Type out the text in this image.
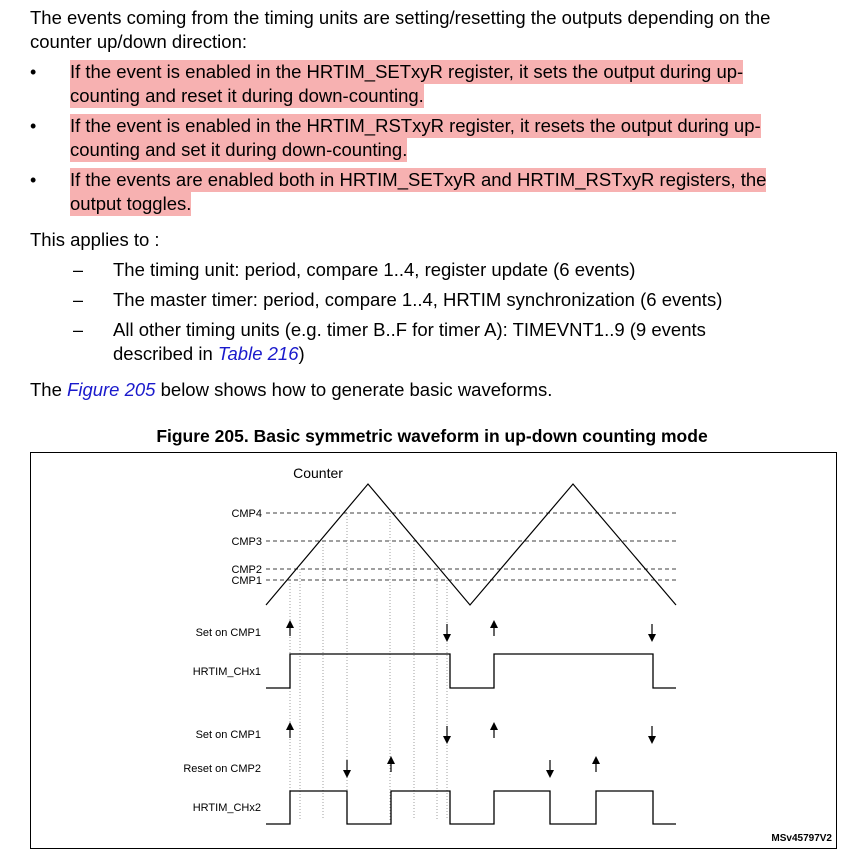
The events coming from the timing units are setting/resetting the outputs depending on the
counter up/down direction:
• If the event is enabled in the HRTIM_SETxyR register, it sets the output during up-
counting and reset it during down-counting.
• If the event is enabled in the HRTIM_RSTxyR register, it resets the output during up-
counting and set it during down-counting.
• If the events are enabled both in HRTIM_SETxyR and HRTIM_RSTxyR registers, the
output toggles.
This applies to :
– The timing unit: period, compare 1..4, register update (6 events)
– The master timer: period, compare 1..4, HRTIM synchronization (6 events)
– All other timing units (e.g. timer B..F for timer A): TIMEVNT1..9 (9 events
described in Table 216)
The Figure 205 below shows how to generate basic waveforms.
Figure 205. Basic symmetric waveform in up-down counting mode
Counter
CMP4
CMP3
CMP2
CMP1
Set on CMP1
HRTIM_CHx1
Set on CMP1
Reset on CMP2
HRTIM_CHx2
MSv45797V2
